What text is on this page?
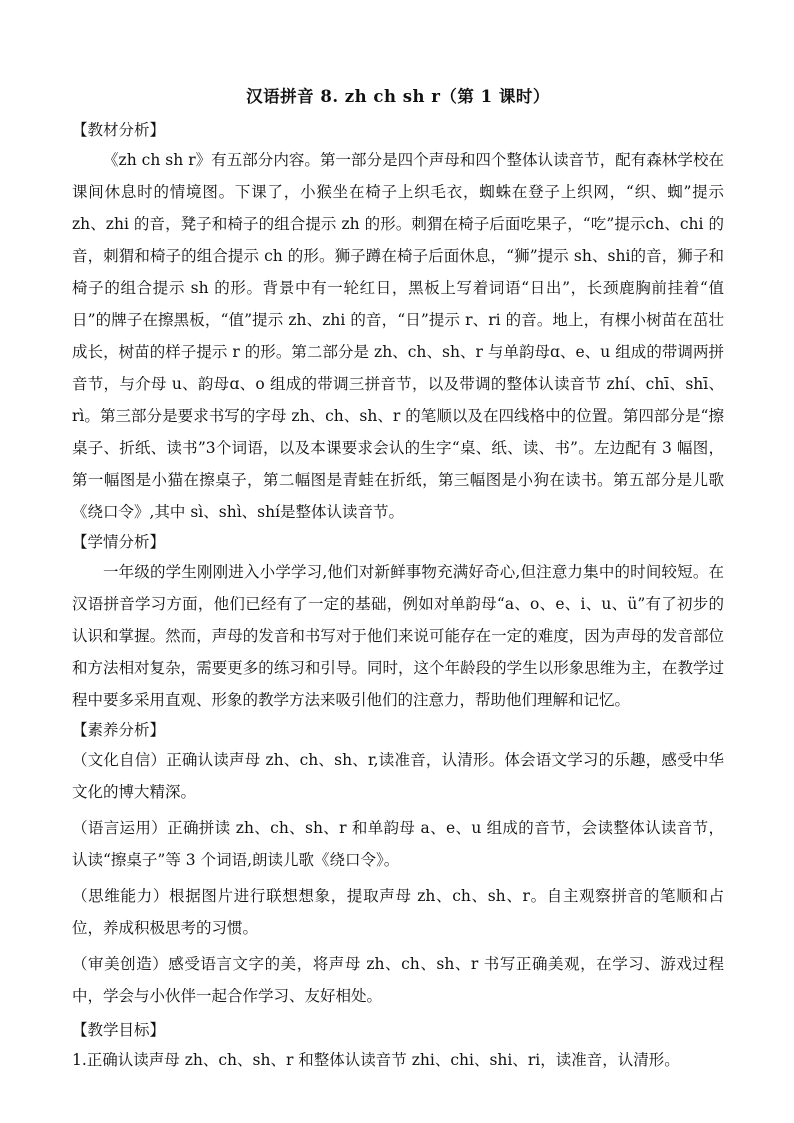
汉语拼音 8. zh ch sh r（第 1 课时）

【教材分析】

《zh ch sh r》有五部分内容。第一部分是四个声母和四个整体认读音节，配有森林学校在课间休息时的情境图。下课了，小猴坐在椅子上织毛衣，蜘蛛在登子上织网，“织、蜘”提示 zh、zhi 的音，凳子和椅子的组合提示 zh 的形。刺猬在椅子后面吃果子，“吃”提示ch、chi 的音，刺猬和椅子的组合提示 ch 的形。狮子蹲在椅子后面休息，“狮”提示 sh、shi的音，狮子和椅子的组合提示 sh 的形。背景中有一轮红日，黑板上写着词语“日出”，长颈鹿胸前挂着“值日”的牌子在擦黑板，“值”提示 zh、zhi 的音，“日”提示 r、ri 的音。地上，有棵小树苗在茁壮成长，树苗的样子提示 r 的形。第二部分是 zh、ch、sh、r 与单韵母ɑ、e、u 组成的带调两拼音节，与介母 u、韵母ɑ、o 组成的带调三拼音节，以及带调的整体认读音节 zhí、chī、shī、rì。第三部分是要求书写的字母 zh、ch、sh、r 的笔顺以及在四线格中的位置。第四部分是“擦桌子、折纸、读书”3个词语，以及本课要求会认的生字“桌、纸、读、书”。左边配有 3 幅图，第一幅图是小猫在擦桌子，第二幅图是青蛙在折纸，第三幅图是小狗在读书。第五部分是儿歌《绕口令》,其中 sì、shì、shí是整体认读音节。

【学情分析】

一年级的学生刚刚进入小学学习,他们对新鲜事物充满好奇心,但注意力集中的时间较短。在汉语拼音学习方面，他们已经有了一定的基础，例如对单韵母“a、o、e、i、u、ü”有了初步的认识和掌握。然而，声母的发音和书写对于他们来说可能存在一定的难度，因为声母的发音部位和方法相对复杂，需要更多的练习和引导。同时，这个年龄段的学生以形象思维为主，在教学过程中要多采用直观、形象的教学方法来吸引他们的注意力，帮助他们理解和记忆。

【素养分析】

（文化自信）正确认读声母 zh、ch、sh、r,读准音，认清形。体会语文学习的乐趣，感受中华文化的博大精深。

（语言运用）正确拼读 zh、ch、sh、r 和单韵母 a、e、u 组成的音节，会读整体认读音节，认读“擦桌子”等 3 个词语,朗读儿歌《绕口令》。

（思维能力）根据图片进行联想想象，提取声母 zh、ch、sh、r。自主观察拼音的笔顺和占位，养成积极思考的习惯。

（审美创造）感受语言文字的美，将声母 zh、ch、sh、r 书写正确美观，在学习、游戏过程中，学会与小伙伴一起合作学习、友好相处。

【教学目标】

1.正确认读声母 zh、ch、sh、r 和整体认读音节 zhi、chi、shi、ri，读准音，认清形。
